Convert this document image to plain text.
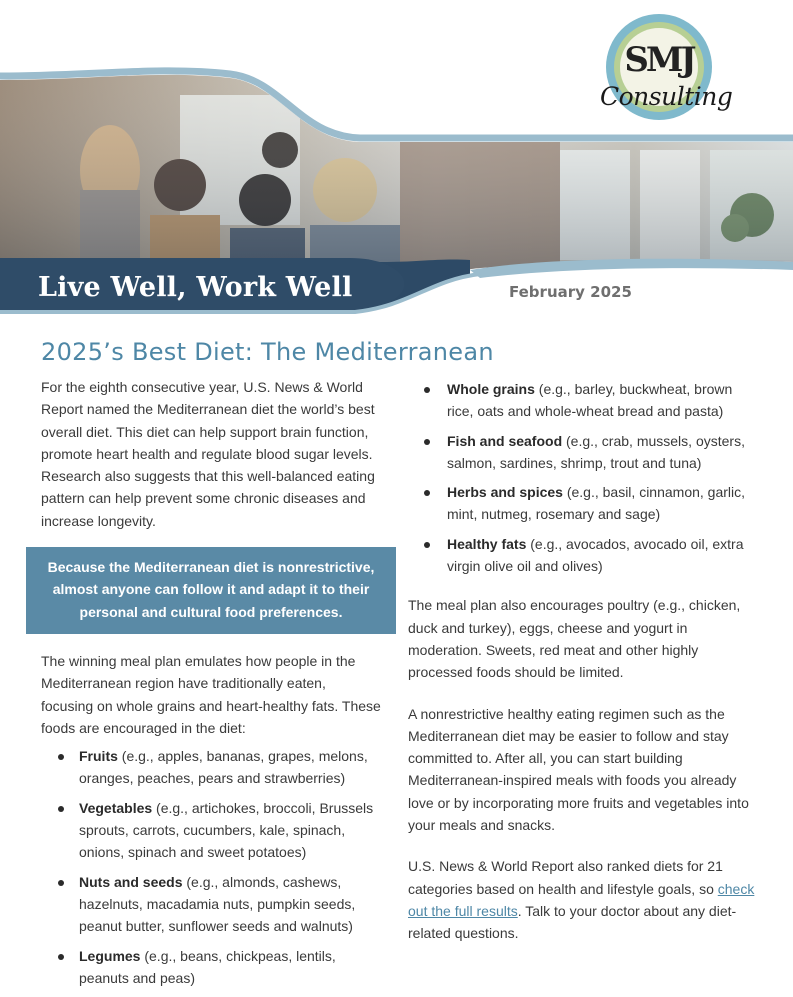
SMJ
Consulting
Live Well, Work Well	February 2025
2025’s Best Diet: The Mediterranean

For the eighth consecutive year, U.S. News & World Report named the Mediterranean diet the world’s best overall diet. This diet can help support brain function, promote heart health and regulate blood sugar levels. Research also suggests that this well-balanced eating pattern can help prevent some chronic diseases and increase longevity.

Because the Mediterranean diet is nonrestrictive, almost anyone can follow it and adapt it to their personal and cultural food preferences.

The winning meal plan emulates how people in the Mediterranean region have traditionally eaten, focusing on whole grains and heart-healthy fats. These foods are encouraged in the diet:

Fruits (e.g., apples, bananas, grapes, melons, oranges, peaches, pears and strawberries)
Vegetables (e.g., artichokes, broccoli, Brussels sprouts, carrots, cucumbers, kale, spinach, onions, spinach and sweet potatoes)
Nuts and seeds (e.g., almonds, cashews, hazelnuts, macadamia nuts, pumpkin seeds, peanut butter, sunflower seeds and walnuts)
Legumes (e.g., beans, chickpeas, lentils, peanuts and peas)
Whole grains (e.g., barley, buckwheat, brown rice, oats and whole-wheat bread and pasta)
Fish and seafood (e.g., crab, mussels, oysters, salmon, sardines, shrimp, trout and tuna)
Herbs and spices (e.g., basil, cinnamon, garlic, mint, nutmeg, rosemary and sage)
Healthy fats (e.g., avocados, avocado oil, extra virgin olive oil and olives)

The meal plan also encourages poultry (e.g., chicken, duck and turkey), eggs, cheese and yogurt in moderation. Sweets, red meat and other highly processed foods should be limited.

A nonrestrictive healthy eating regimen such as the Mediterranean diet may be easier to follow and stay committed to. After all, you can start building Mediterranean-inspired meals with foods you already love or by incorporating more fruits and vegetables into your meals and snacks.

U.S. News & World Report also ranked diets for 21 categories based on health and lifestyle goals, so check out the full results. Talk to your doctor about any diet-related questions.
